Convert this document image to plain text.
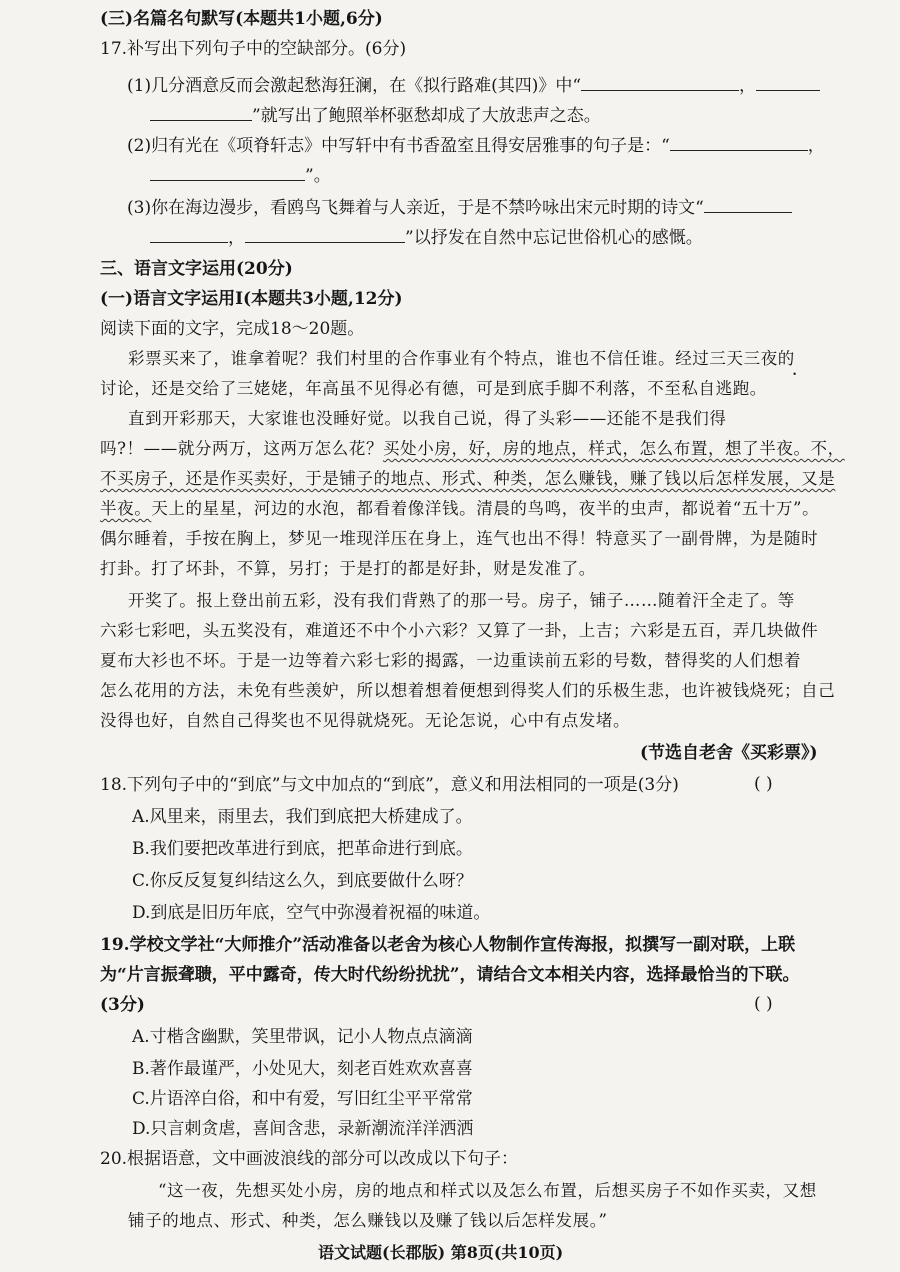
(三)名篇名句默写(本题共1小题,6分)
17.补写出下列句子中的空缺部分。(6分)
(1)几分酒意反而会激起愁海狂澜，在《拟行路难(其四)》中“	，
”就写出了鲍照举杯驱愁却成了大放悲声之态。
(2)归有光在《项脊轩志》中写轩中有书香盈室且得安居雅事的句子是：“	，
”。
(3)你在海边漫步，看鸥鸟飞舞着与人亲近，于是不禁吟咏出宋元时期的诗文“
，	”以抒发在自然中忘记世俗机心的感慨。
三、语言文字运用(20分)
(一)语言文字运用Ⅰ(本题共3小题,12分)
阅读下面的文字，完成18～20题。
彩票买来了，谁拿着呢？我们村里的合作事业有个特点，谁也不信任谁。经过三天三夜的
讨论，还是交给了三姥姥，年高虽不见得必有德，可是到底手脚不利落，不至私自逃跑。
直到开彩那天，大家谁也没睡好觉。以我自己说，得了头彩——还能不是我们得
吗?！——就分两万，这两万怎么花？买处小房，好，房的地点，样式，怎么布置，想了半夜。不，
不买房子，还是作买卖好，于是铺子的地点、形式、种类，怎么赚钱，赚了钱以后怎样发展，又是
半夜。天上的星星，河边的水泡，都看着像洋钱。清晨的鸟鸣，夜半的虫声，都说着“五十万”。
偶尔睡着，手按在胸上，梦见一堆现洋压在身上，连气也出不得！特意买了一副骨牌，为是随时
打卦。打了坏卦，不算，另打；于是打的都是好卦，财是发准了。
开奖了。报上登出前五彩，没有我们背熟了的那一号。房子，铺子……随着汗全走了。等
六彩七彩吧，头五奖没有，难道还不中个小六彩？又算了一卦，上吉；六彩是五百，弄几块做件
夏布大衫也不坏。于是一边等着六彩七彩的揭露，一边重读前五彩的号数，替得奖的人们想着
怎么花用的方法，未免有些羡妒，所以想着想着便想到得奖人们的乐极生悲，也许被钱烧死；自己
没得也好，自然自己得奖也不见得就烧死。无论怎说，心中有点发堵。
(节选自老舍《买彩票》)
18.下列句子中的“到底”与文中加点的“到底”，意义和用法相同的一项是(3分)	( )
A.风里来，雨里去，我们到底把大桥建成了。
B.我们要把改革进行到底，把革命进行到底。
C.你反反复复纠结这么久，到底要做什么呀？
D.到底是旧历年底，空气中弥漫着祝福的味道。
19.学校文学社“大师推介”活动准备以老舍为核心人物制作宣传海报，拟撰写一副对联，上联
为“片言振聋聩，平中露奇，传大时代纷纷扰扰”，请结合文本相关内容，选择最恰当的下联。
(3分)	( )
A.寸楷含幽默，笑里带讽，记小人物点点滴滴
B.著作最谨严，小处见大，刻老百姓欢欢喜喜
C.片语淬白俗，和中有爱，写旧红尘平平常常
D.只言刺贪虐，喜间含悲，录新潮流洋洋洒洒
20.根据语意，文中画波浪线的部分可以改成以下句子：
“这一夜，先想买处小房，房的地点和样式以及怎么布置，后想买房子不如作买卖，又想
铺子的地点、形式、种类，怎么赚钱以及赚了钱以后怎样发展。”
语文试题(长郡版) 第8页(共10页)
